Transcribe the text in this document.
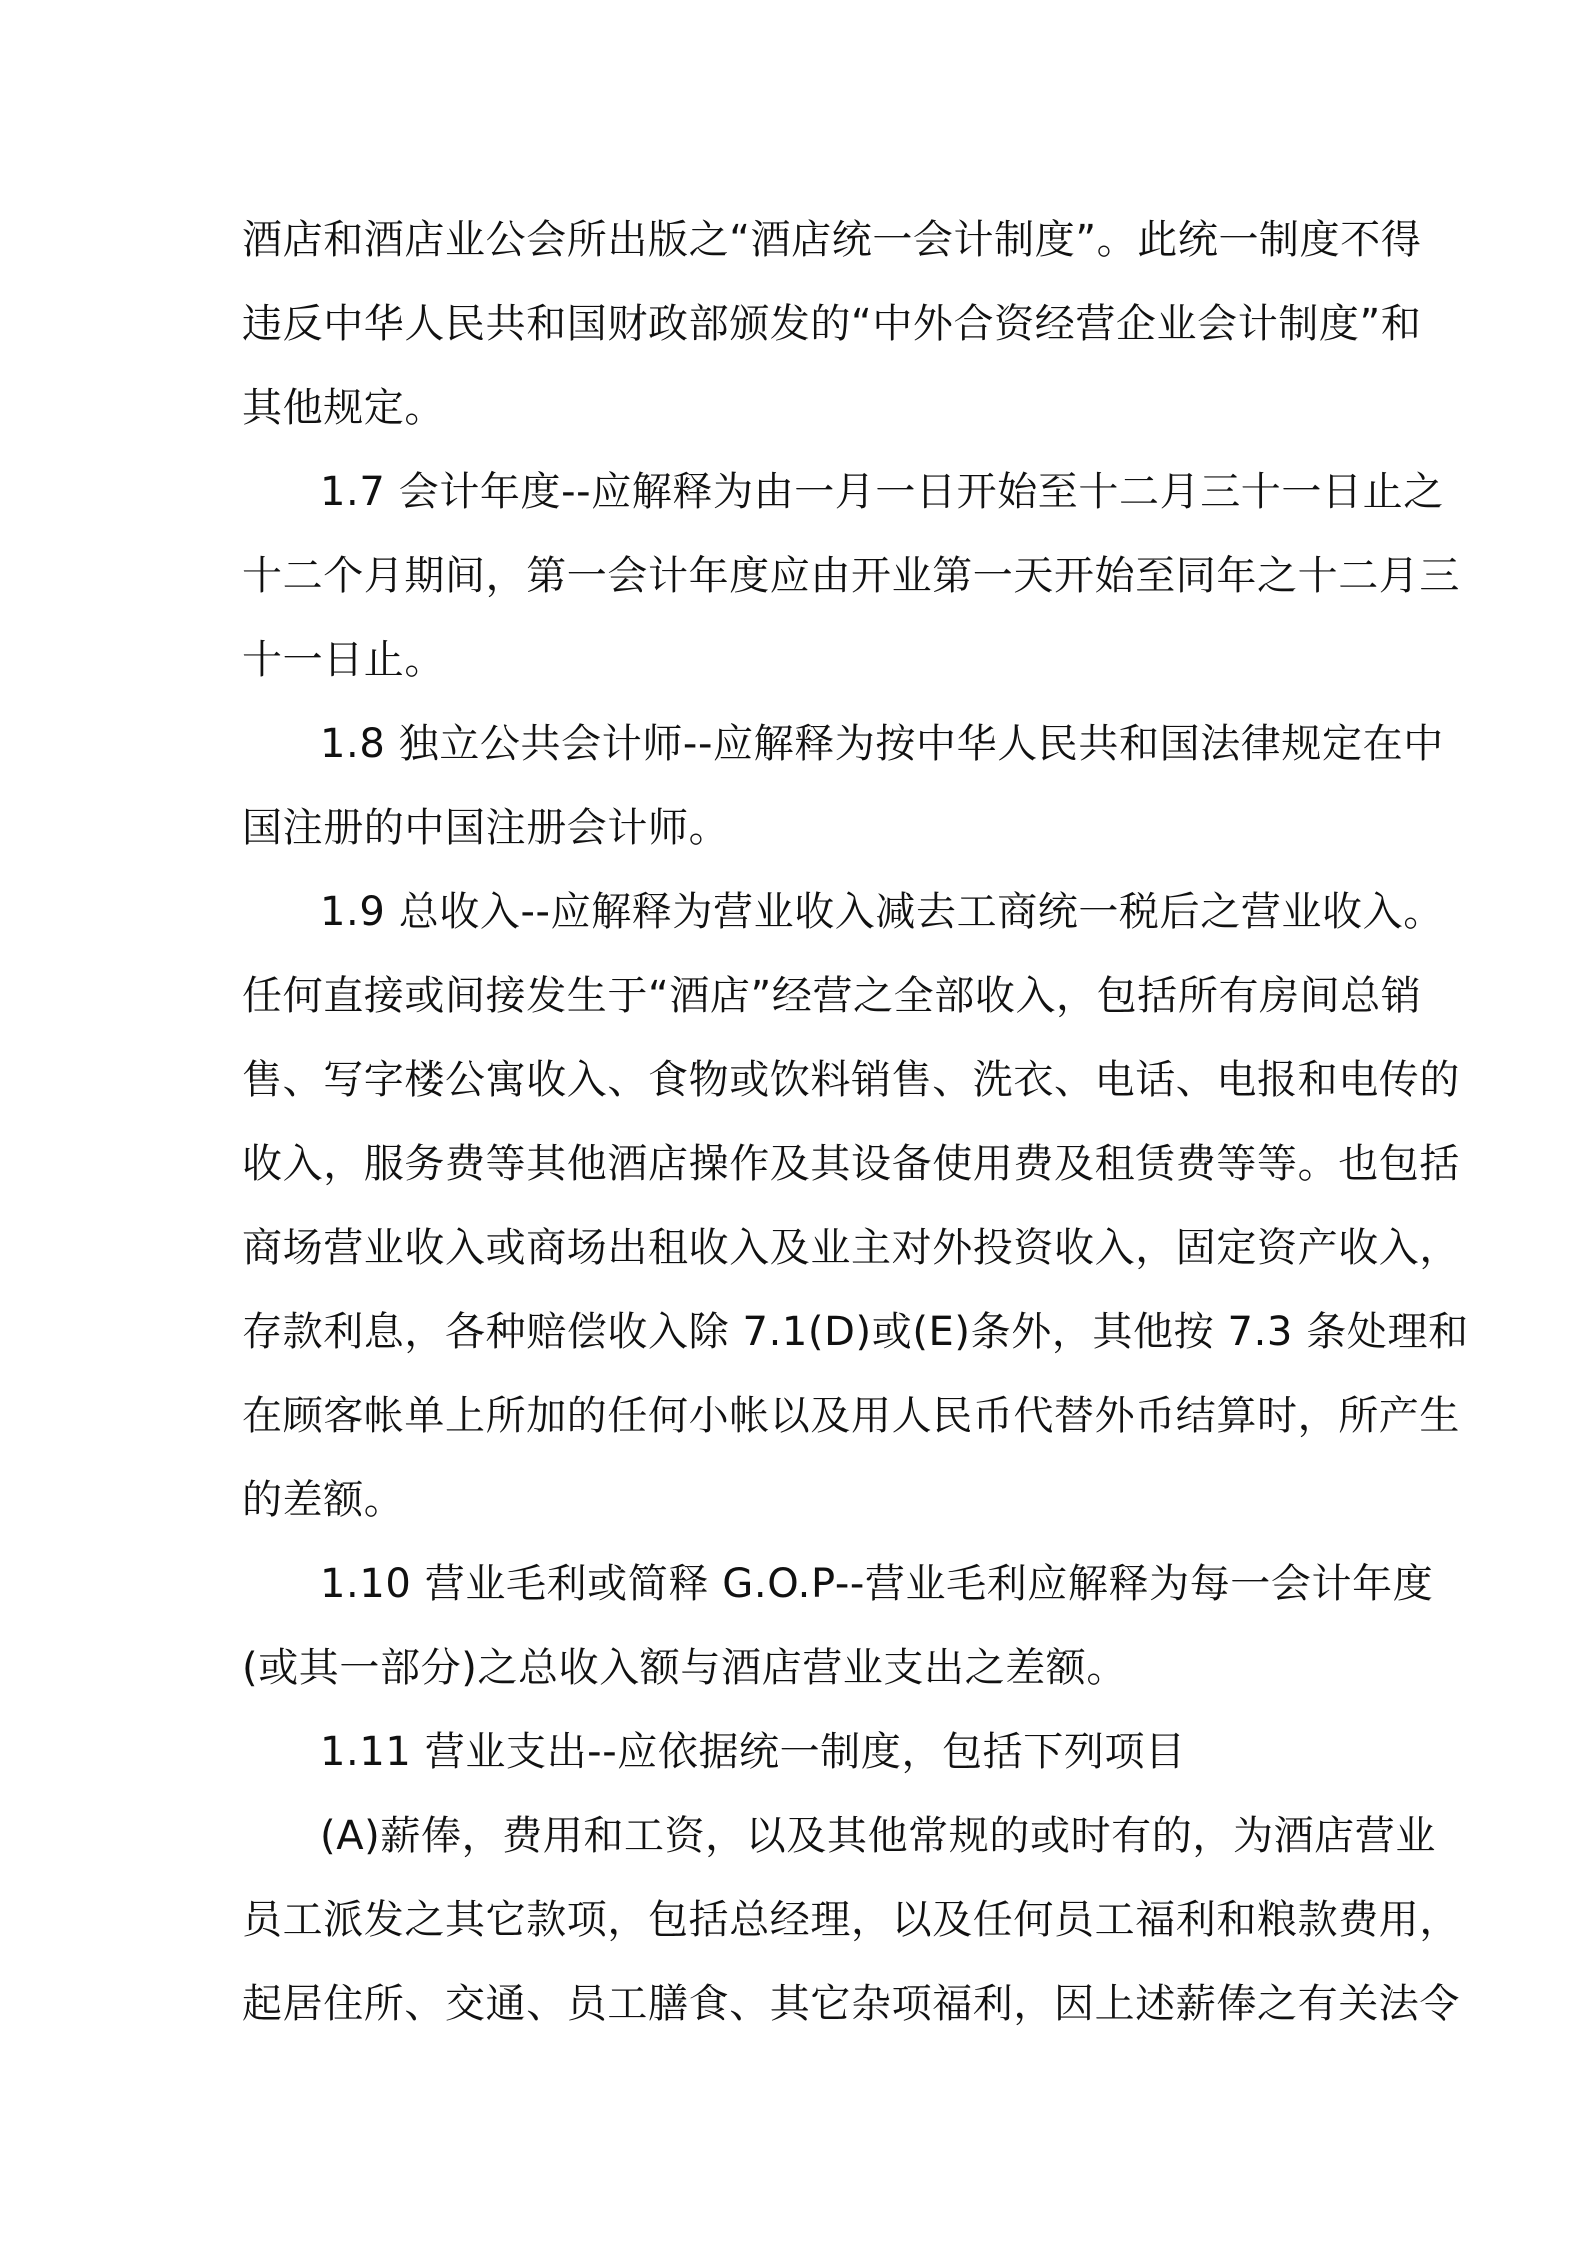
酒店和酒店业公会所出版之“酒店统一会计制度”。此统一制度不得
违反中华人民共和国财政部颁发的“中外合资经营企业会计制度”和
其他规定。
1.7 会计年度--应解释为由一月一日开始至十二月三十一日止之
十二个月期间，第一会计年度应由开业第一天开始至同年之十二月三
十一日止。
1.8 独立公共会计师--应解释为按中华人民共和国法律规定在中
国注册的中国注册会计师。
1.9 总收入--应解释为营业收入减去工商统一税后之营业收入。
任何直接或间接发生于“酒店”经营之全部收入，包括所有房间总销
售、写字楼公寓收入、食物或饮料销售、洗衣、电话、电报和电传的
收入，服务费等其他酒店操作及其设备使用费及租赁费等等。也包括
商场营业收入或商场出租收入及业主对外投资收入，固定资产收入，
存款利息，各种赔偿收入除 7.1(D)或(E)条外，其他按 7.3 条处理和
在顾客帐单上所加的任何小帐以及用人民币代替外币结算时，所产生
的差额。
1.10 营业毛利或简释 G.O.P--营业毛利应解释为每一会计年度
(或其一部分)之总收入额与酒店营业支出之差额。
1.11 营业支出--应依据统一制度，包括下列项目
(A)薪俸，费用和工资，以及其他常规的或时有的，为酒店营业
员工派发之其它款项，包括总经理，以及任何员工福利和粮款费用，
起居住所、交通、员工膳食、其它杂项福利，因上述薪俸之有关法令
